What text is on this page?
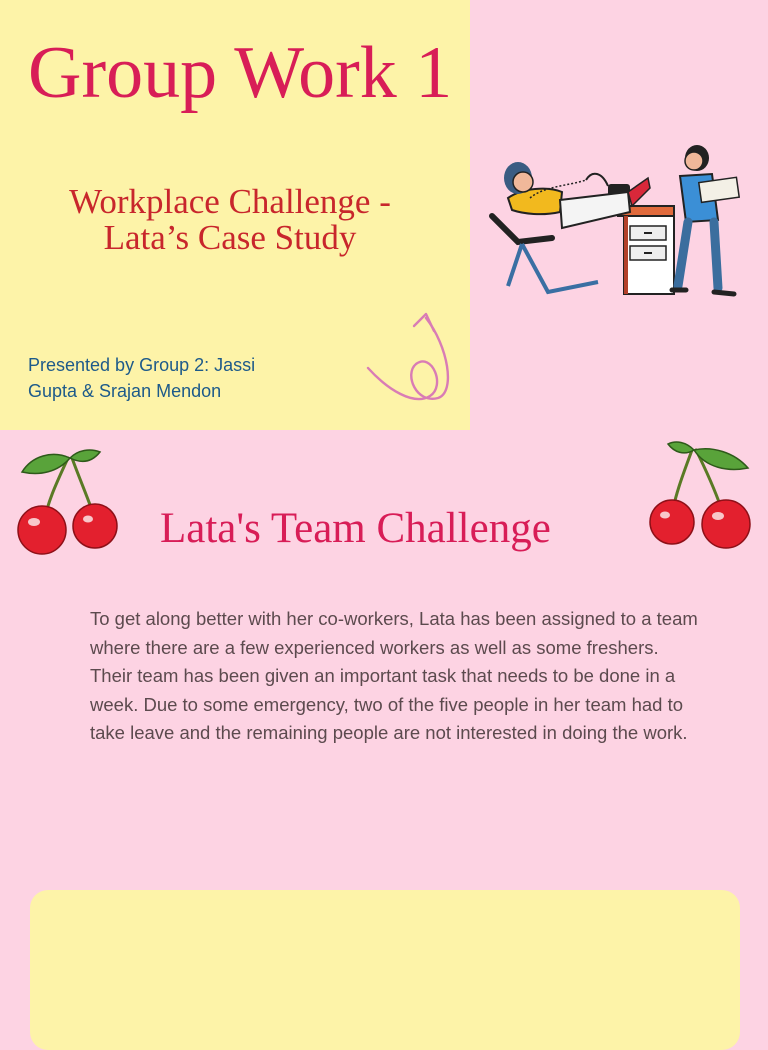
Group Work 1
Workplace Challenge -
Lata’s Case Study
Presented by Group 2: Jassi Gupta & Srajan Mendon
Lata's Team Challenge

To get along better with her co-workers, Lata has been assigned to a team where there are a few experienced workers as well as some freshers.

Their team has been given an important task that needs to be done in a week. Due to some emergency, two of the five people in her team had to take leave and the remaining people are not interested in doing the work.
